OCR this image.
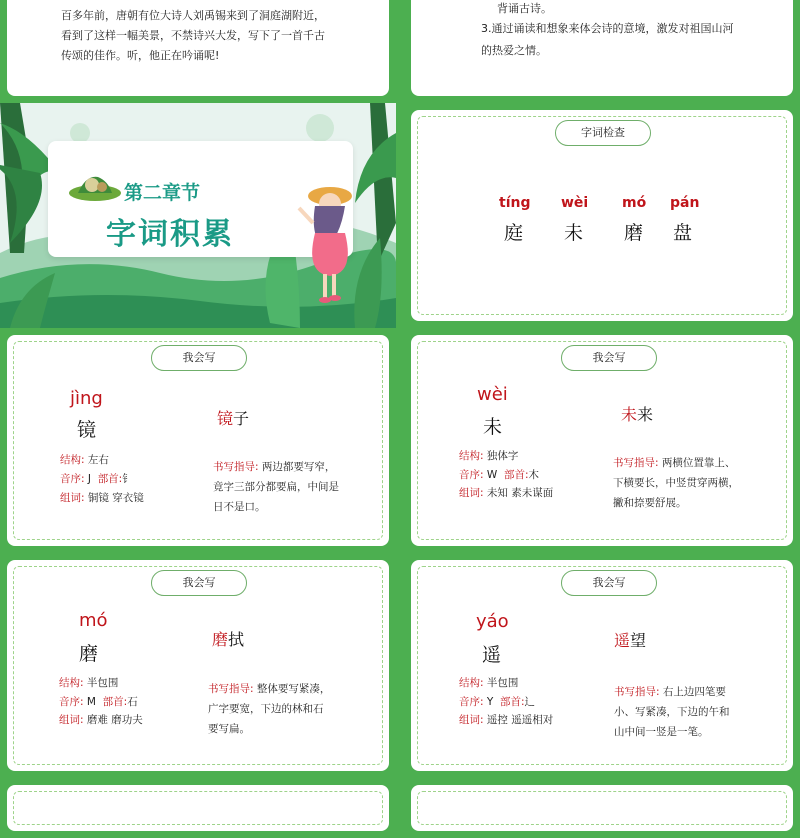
百多年前，唐朝有位大诗人刘禹锡来到了洞庭湖附近，
看到了这样一幅美景，不禁诗兴大发，写下了一首千古
传颂的佳作。听，他正在吟诵呢!
背诵古诗。
3.通过诵读和想象来体会诗的意境，激发对祖国山河
的热爱之情。
第二章节
字词积累
字词检查
tíng
庭
wèi
未
mó
磨
pán
盘
我会写
jìng
镜
镜子
结构: 左右
音序: J 部首:钅
组词: 铜镜 穿衣镜
书写指导: 两边都要写窄，
竟字三部分都要扁，中间是
日不是口。
我会写
wèi
未
未来
结构: 独体字
音序: W 部首:木
组词: 未知 素未谋面
书写指导: 两横位置靠上、
下横要长，中竖贯穿两横，
撇和捺要舒展。
我会写
mó
磨
磨拭
结构: 半包围
音序: M 部首:石
组词: 磨难 磨功夫
书写指导: 整体要写紧凑，
广字要宽，下边的林和石
要写扁。
我会写
yáo
遥
遥望
结构: 半包围
音序: Y 部首:辶
组词: 遥控 遥遥相对
书写指导: 右上边四笔要
小、写紧凑，下边的午和
山中间一竖是一笔。
